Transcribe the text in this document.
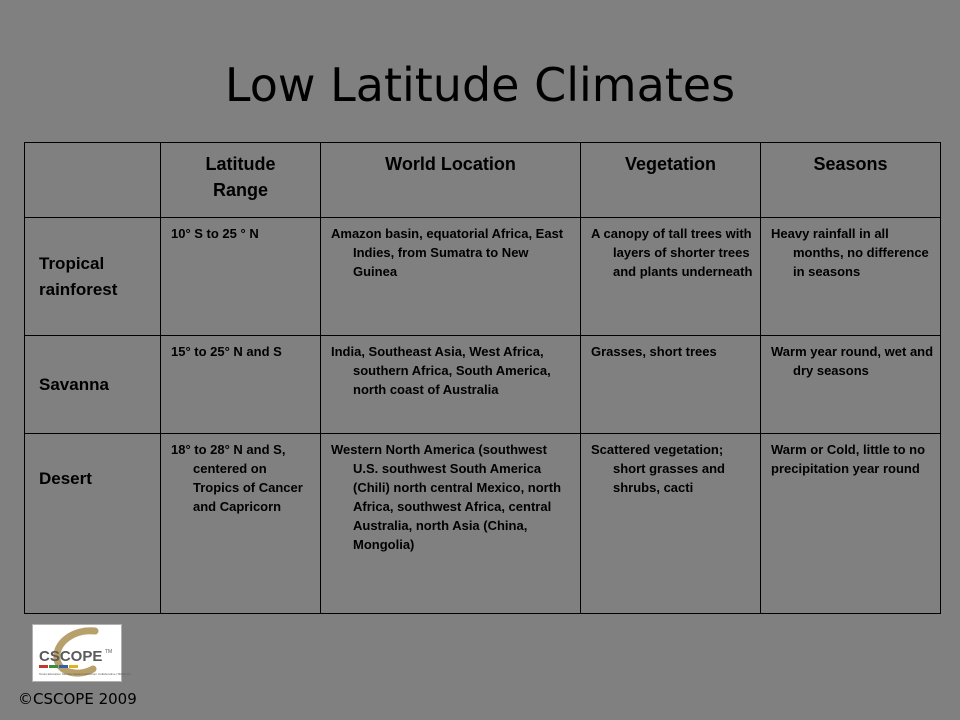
Low Latitude Climates
	Latitude Range	World Location	Vegetation	Seasons
Tropical rainforest	10° S to 25 ° N	Amazon basin, equatorial Africa, East Indies, from Sumatra to New Guinea	A canopy of tall trees with layers of shorter trees and plants underneath	Heavy rainfall in all months, no difference in seasons

Savanna	15° to 25° N and S	India, Southeast Asia, West Africa, southern Africa, South America, north coast of Australia	Grasses, short trees	Warm year round, wet and dry seasons

Desert	18° to 28° N and S, centered on Tropics of Cancer and Capricorn	Western North America (southwest U.S. southwest South America (Chili) north central Mexico, north Africa, southwest Africa, central Australia, north Asia (China, Mongolia)	Scattered vegetation; short grasses and shrubs, cacti	Warm or Cold, little to no precipitation year round
CSCOPE TM
Texas Education Service Center Curriculum Collaborative (TESCCC)
©CSCOPE 2009
